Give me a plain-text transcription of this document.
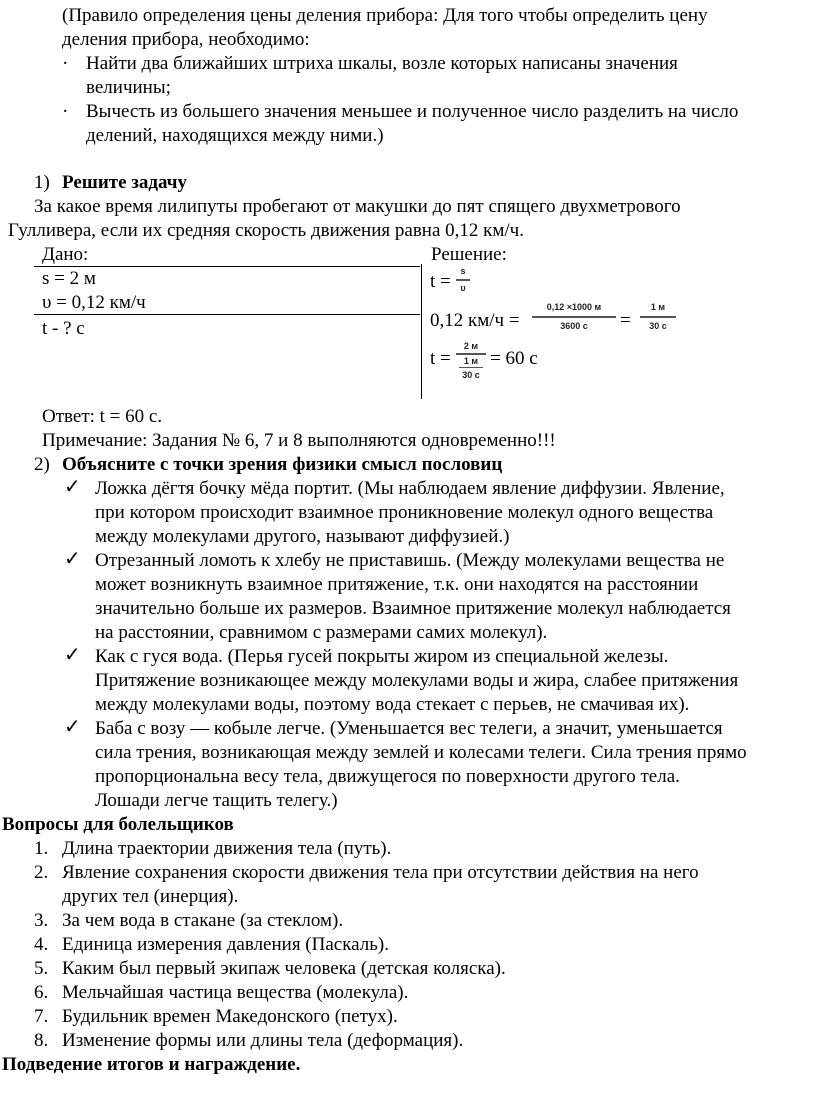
(Правило определения цены деления прибора: Для того чтобы определить цену
деления прибора, необходимо:
· Найти два ближайших штриха шкалы, возле которых написаны значения
величины;
· Вычесть из большего значения меньшее и полученное число разделить на число
делений, находящихся между ними.)
1) Решите задачу
За какое время лилипуты пробегают от макушки до пят спящего двухметрового
Гулливера, если их средняя скорость движения равна 0,12 км/ч.
Дано:	Решение:
s = 2 м
υ = 0,12 км/ч
t - ? c
t =	s
υ
0,12 км/ч =
0,12 ×1000 м
3600 с	=
1 м
30 с
t =
2 м
1 м
30 с
= 60 с
Ответ: t = 60 с.
Примечание: Задания № 6, 7 и 8 выполняются одновременно!!!
2) Объясните с точки зрения физики смысл пословиц
✓ Ложка дёгтя бочку мёда портит. (Мы наблюдаем явление диффузии. Явление,
при котором происходит взаимное проникновение молекул одного вещества
между молекулами другого, называют диффузией.)
✓ Отрезанный ломоть к хлебу не приставишь. (Между молекулами вещества не
может возникнуть взаимное притяжение, т.к. они находятся на расстоянии
значительно больше их размеров. Взаимное притяжение молекул наблюдается
на расстоянии, сравнимом с размерами самих молекул).
✓ Как с гуся вода. (Перья гусей покрыты жиром из специальной железы.
Притяжение возникающее между молекулами воды и жира, слабее притяжения
между молекулами воды, поэтому вода стекает с перьев, не смачивая их).
✓ Баба с возу — кобыле легче. (Уменьшается вес телеги, а значит, уменьшается
сила трения, возникающая между землей и колесами телеги. Сила трения прямо
пропорциональна весу тела, движущегося по поверхности другого тела.
Лошади легче тащить телегу.)
Вопросы для болельщиков
1. Длина траектории движения тела (путь).
2. Явление сохранения скорости движения тела при отсутствии действия на него
других тел (инерция).
3. За чем вода в стакане (за стеклом).
4. Единица измерения давления (Паскаль).
5. Каким был первый экипаж человека (детская коляска).
6. Мельчайшая частица вещества (молекула).
7. Будильник времен Македонского (петух).
8. Изменение формы или длины тела (деформация).
Подведение итогов и награждение.
